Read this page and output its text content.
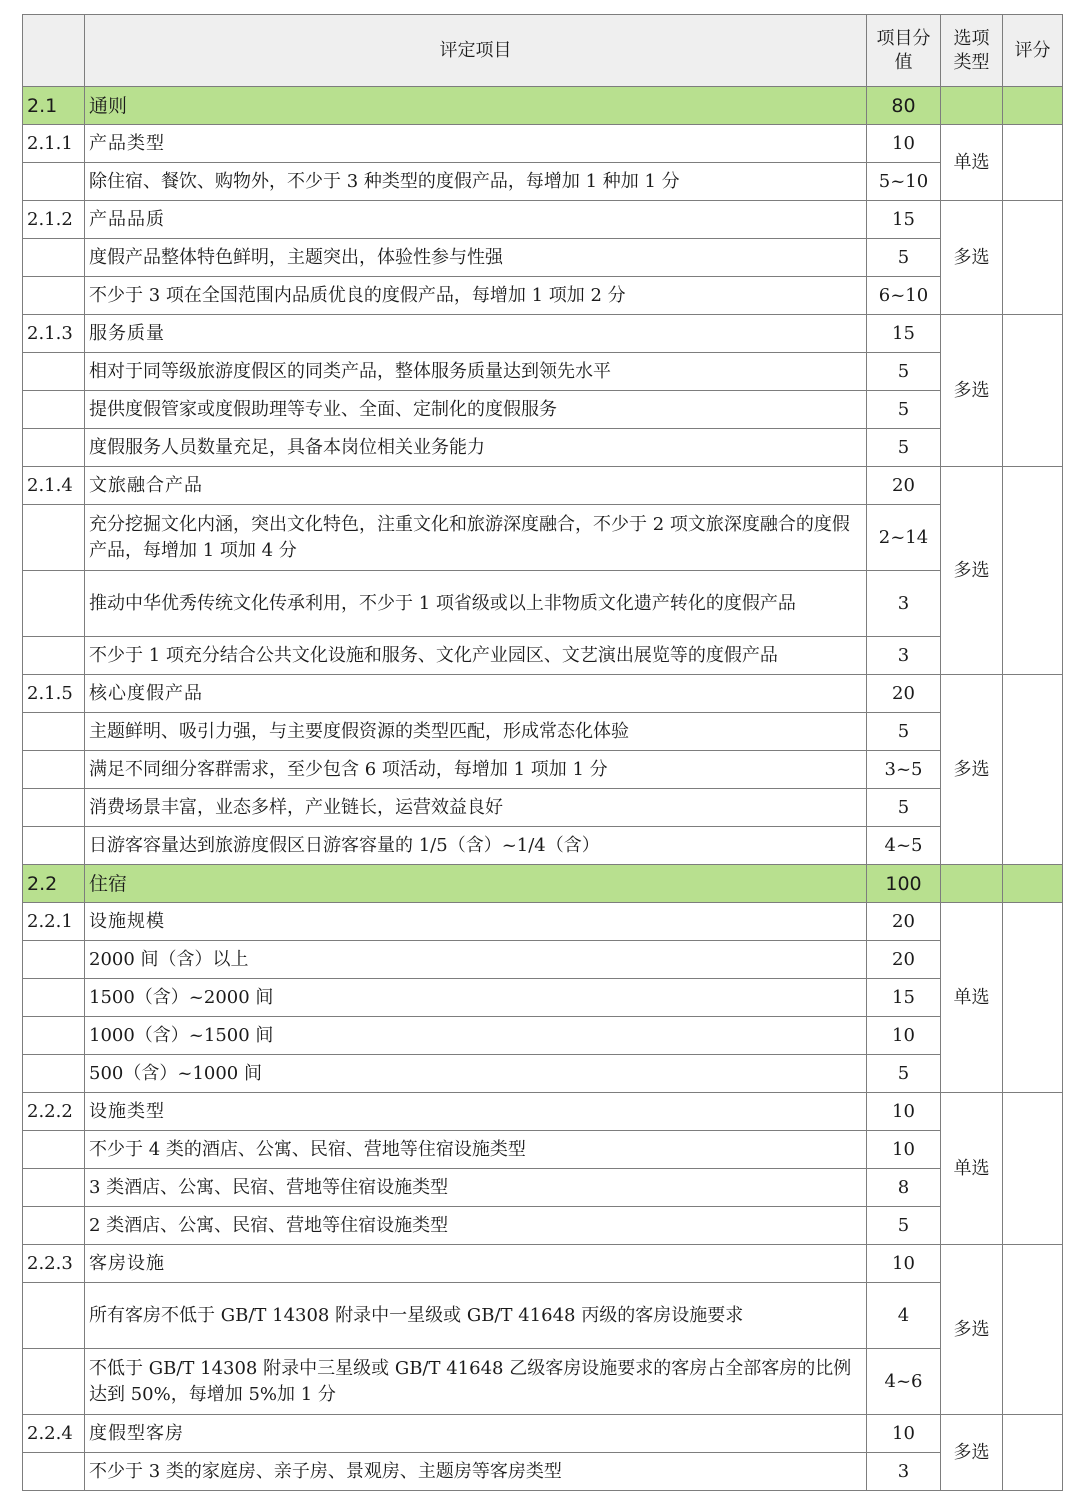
	评定项目	项目分值	选项类型	评分
2.1	通则	80		
2.1.1	产品类型	10	单选	
	除住宿、餐饮、购物外，不少于 3 种类型的度假产品，每增加 1 种加 1 分	5~10		
2.1.2	产品品质	15	多选	
	度假产品整体特色鲜明，主题突出，体验性参与性强	5		
	不少于 3 项在全国范围内品质优良的度假产品，每增加 1 项加 2 分	6~10		
2.1.3	服务质量	15	多选	
	相对于同等级旅游度假区的同类产品，整体服务质量达到领先水平	5		
	提供度假管家或度假助理等专业、全面、定制化的度假服务	5		
	度假服务人员数量充足，具备本岗位相关业务能力	5		
2.1.4	文旅融合产品	20	多选	
	充分挖掘文化内涵，突出文化特色，注重文化和旅游深度融合，不少于 2 项文旅深度融合的度假产品，每增加 1 项加 4 分	2~14		
	推动中华优秀传统文化传承利用，不少于 1 项省级或以上非物质文化遗产转化的度假产品	3		
	不少于 1 项充分结合公共文化设施和服务、文化产业园区、文艺演出展览等的度假产品	3		
2.1.5	核心度假产品	20	多选	
	主题鲜明、吸引力强，与主要度假资源的类型匹配，形成常态化体验	5		
	满足不同细分客群需求，至少包含 6 项活动，每增加 1 项加 1 分	3~5		
	消费场景丰富，业态多样，产业链长，运营效益良好	5		
	日游客容量达到旅游度假区日游客容量的 1/5（含）~1/4（含）	4~5		
2.2	住宿	100		
2.2.1	设施规模	20	单选	
	2000 间（含）以上	20		
	1500（含）~2000 间	15		
	1000（含）~1500 间	10		
	500（含）~1000 间	5		
2.2.2	设施类型	10	单选	
	不少于 4 类的酒店、公寓、民宿、营地等住宿设施类型	10		
	3 类酒店、公寓、民宿、营地等住宿设施类型	8		
	2 类酒店、公寓、民宿、营地等住宿设施类型	5		
2.2.3	客房设施	10	多选	
	所有客房不低于 GB/T 14308 附录中一星级或 GB/T 41648 丙级的客房设施要求	4		
	不低于 GB/T 14308 附录中三星级或 GB/T 41648 乙级客房设施要求的客房占全部客房的比例达到 50%，每增加 5%加 1 分	4~6		
2.2.4	度假型客房	10	多选	
	不少于 3 类的家庭房、亲子房、景观房、主题房等客房类型	3		
